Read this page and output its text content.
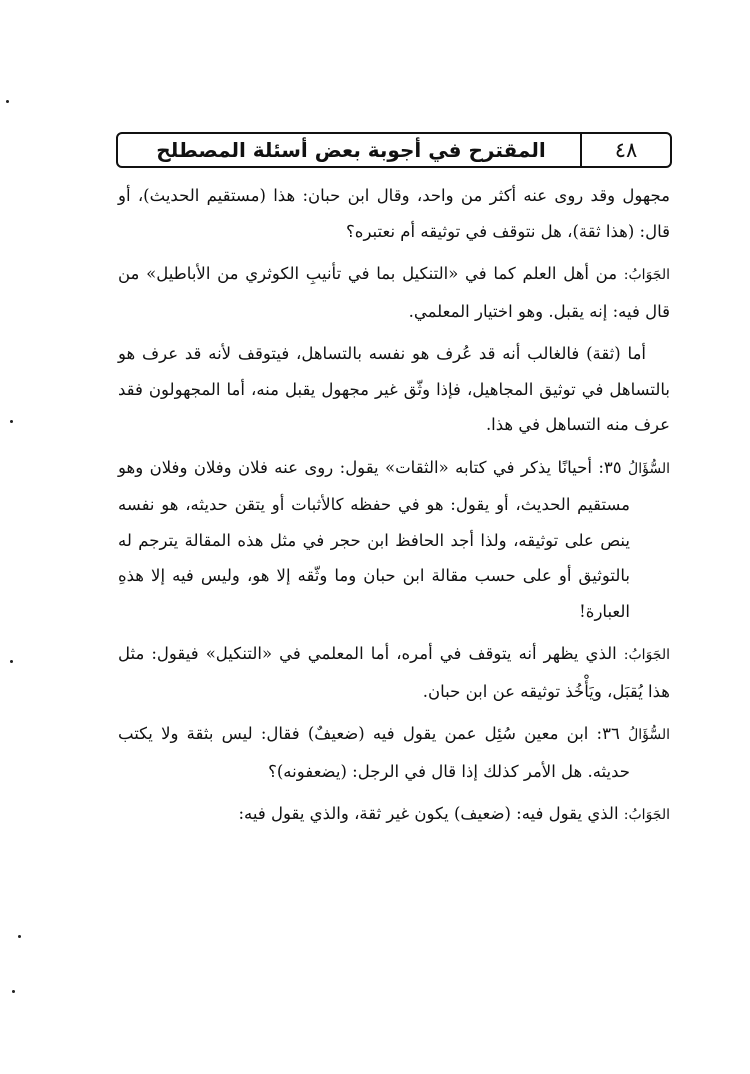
المقترح في أجوبة بعض أسئلة المصطلح	٤٨

مجهول وقد روى عنه أكثر من واحد، وقال ابن حبان: هذا (مستقيم الحديث)، أو قال: (هذا ثقة)، هل نتوقف في توثيقه أم نعتبره؟

الجَوَابُ: من أهل العلم كما في «التنكيل بما في تأنيبِ الكوثري من الأباطيل» من قال فيه: إنه يقبل. وهو اختيار المعلمي.

أما (ثقة) فالغالب أنه قد عُرف هو نفسه بالتساهل، فيتوقف لأنه قد عرف هو بالتساهل في توثيق المجاهيل، فإذا وثّق غير مجهول يقبل منه، أما المجهولون فقد عرف منه التساهل في هذا.

السُّؤَالُ ٣٥: أحيانًا يذكر في كتابه «الثقات» يقول: روى عنه فلان وفلان وفلان وهو مستقيم الحديث، أو يقول: هو في حفظه كالأثبات أو يتقن حديثه، هو نفسه ينص على توثيقه، ولذا أجد الحافظ ابن حجر في مثل هذه المقالة يترجم له بالتوثيق أو على حسب مقالة ابن حبان وما وثّقه إلا هو، وليس فيه إلا هذهِ العبارة!

الجَوَابُ: الذي يظهر أنه يتوقف في أمره، أما المعلمي في «التنكيل» فيقول: مثل هذا يُقبَل، ويَأْخُذ توثيقه عن ابن حبان.

السُّؤَالُ ٣٦: ابن معين سُئِل عمن يقول فيه (ضعيفٌ) فقال: ليس بثقة ولا يكتب حديثه. هل الأمر كذلك إذا قال في الرجل: (يضعفونه)؟

الجَوَابُ: الذي يقول فيه: (ضعيف) يكون غير ثقة، والذي يقول فيه:
